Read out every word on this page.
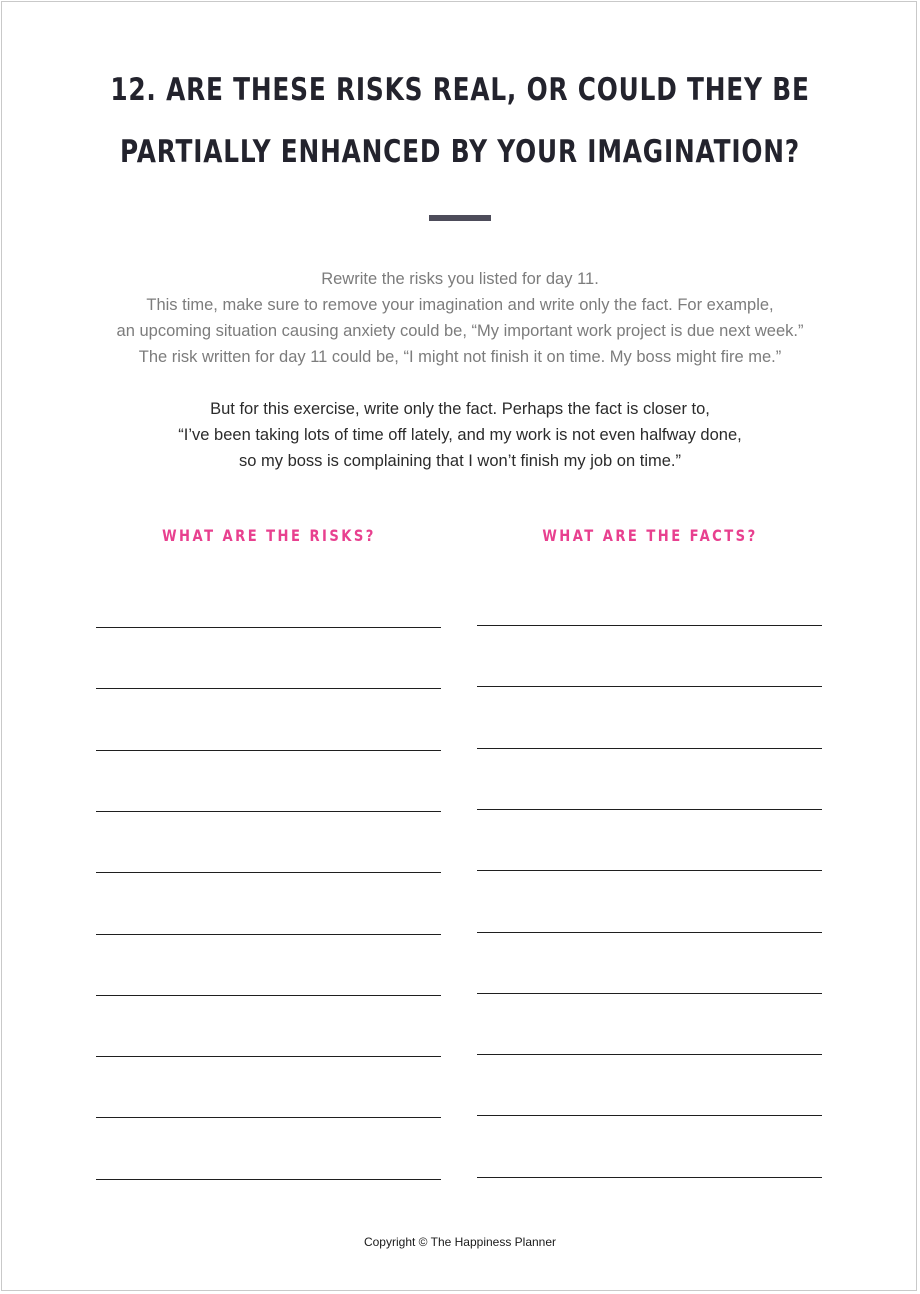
12. ARE THESE RISKS REAL, OR COULD THEY BE
PARTIALLY ENHANCED BY YOUR IMAGINATION?

Rewrite the risks you listed for day 11.
This time, make sure to remove your imagination and write only the fact. For example,
an upcoming situation causing anxiety could be, “My important work project is due next week.”
The risk written for day 11 could be, “I might not finish it on time. My boss might fire me.”

But for this exercise, write only the fact. Perhaps the fact is closer to,
“I’ve been taking lots of time off lately, and my work is not even halfway done,
so my boss is complaining that I won’t finish my job on time.”

WHAT ARE THE RISKS?	WHAT ARE THE FACTS?

Copyright © The Happiness Planner
